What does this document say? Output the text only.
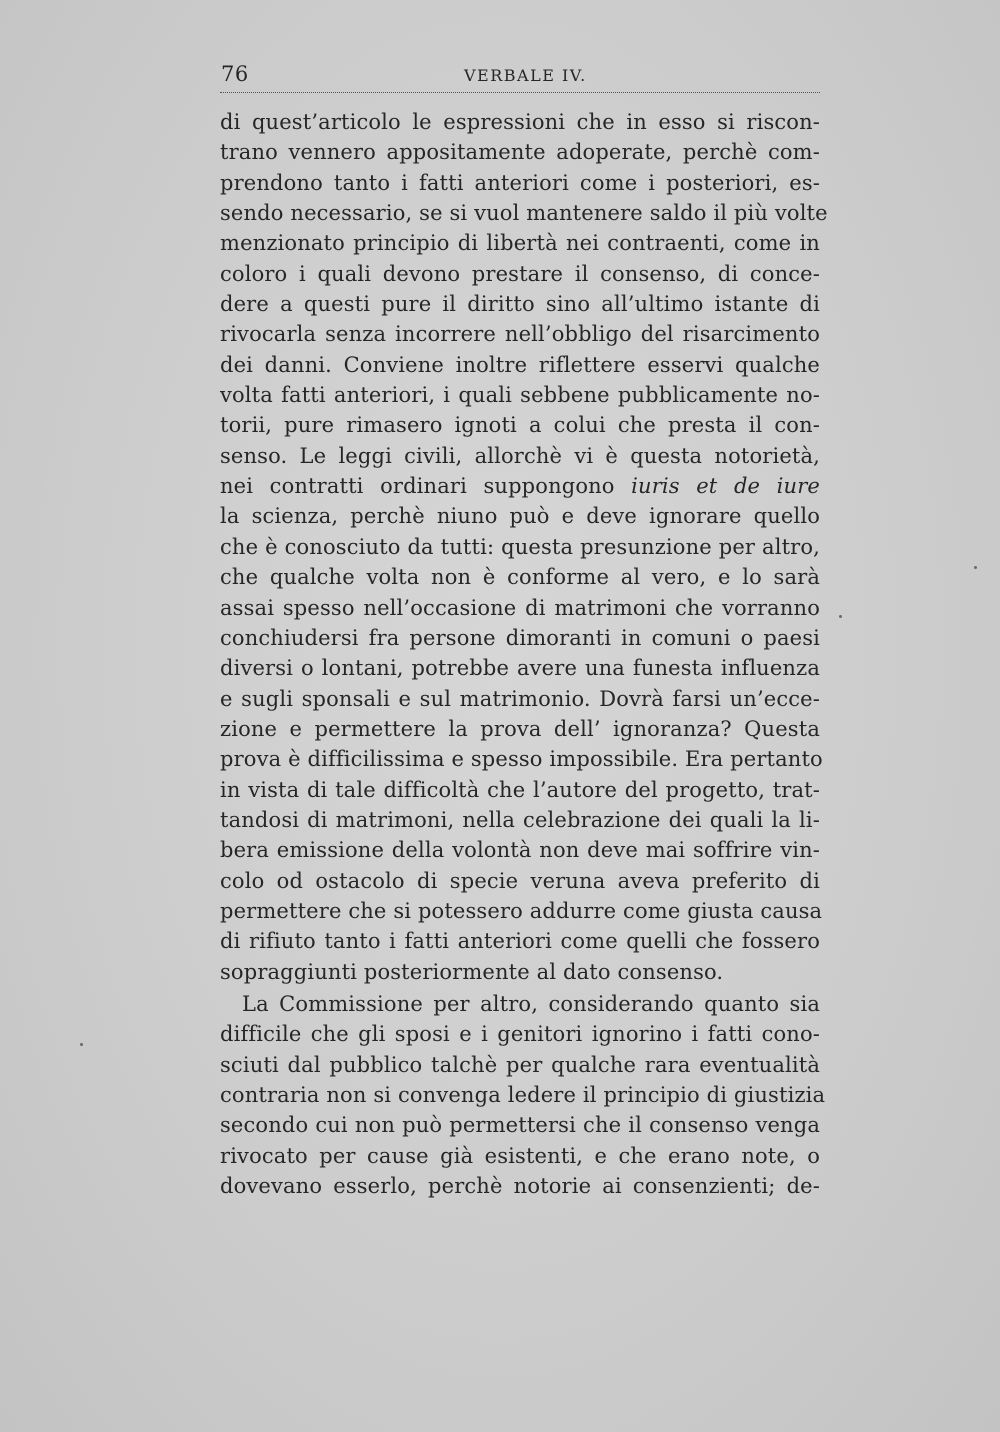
76	VERBALE IV.
di quest’articolo le espressioni che in esso si riscon-
trano vennero appositamente adoperate, perchè com-
prendono tanto i fatti anteriori come i posteriori, es-
sendo necessario, se si vuol mantenere saldo il più volte
menzionato principio di libertà nei contraenti, come in
coloro i quali devono prestare il consenso, di conce-
dere a questi pure il diritto sino all’ultimo istante di
rivocarla senza incorrere nell’obbligo del risarcimento
dei danni. Conviene inoltre riflettere esservi qualche
volta fatti anteriori, i quali sebbene pubblicamente no-
torii, pure rimasero ignoti a colui che presta il con-
senso. Le leggi civili, allorchè vi è questa notorietà,
nei contratti ordinari suppongono iuris et de iure
la scienza, perchè niuno può e deve ignorare quello
che è conosciuto da tutti: questa presunzione per altro,
che qualche volta non è conforme al vero, e lo sarà
assai spesso nell’occasione di matrimoni che vorranno
conchiudersi fra persone dimoranti in comuni o paesi
diversi o lontani, potrebbe avere una funesta influenza
e sugli sponsali e sul matrimonio. Dovrà farsi un’ecce-
zione e permettere la prova dell’ ignoranza? Questa
prova è difficilissima e spesso impossibile. Era pertanto
in vista di tale difficoltà che l’autore del progetto, trat-
tandosi di matrimoni, nella celebrazione dei quali la li-
bera emissione della volontà non deve mai soffrire vin-
colo od ostacolo di specie veruna aveva preferito di
permettere che si potessero addurre come giusta causa
di rifiuto tanto i fatti anteriori come quelli che fossero
sopraggiunti posteriormente al dato consenso.
La Commissione per altro, considerando quanto sia
difficile che gli sposi e i genitori ignorino i fatti cono-
sciuti dal pubblico talchè per qualche rara eventualità
contraria non si convenga ledere il principio di giustizia
secondo cui non può permettersi che il consenso venga
rivocato per cause già esistenti, e che erano note, o
dovevano esserlo, perchè notorie ai consenzienti; de-
